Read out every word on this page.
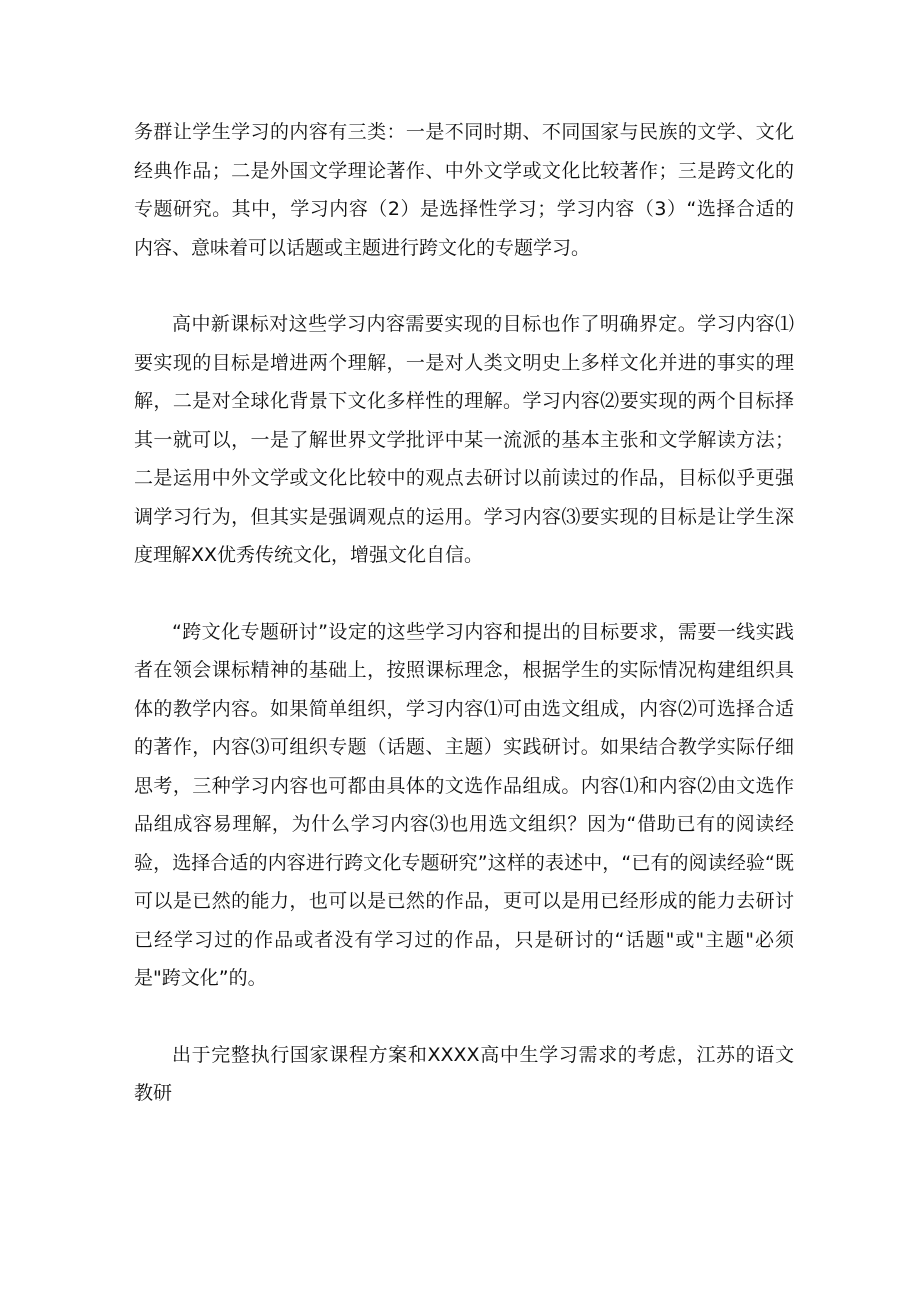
务群让学生学习的内容有三类：一是不同时期、不同国家与民族的文学、文化经典作品；二是外国文学理论著作、中外文学或文化比较著作；三是跨文化的专题研究。其中，学习内容（2）是选择性学习；学习内容（3）“选择合适的内容、意味着可以话题或主题进行跨文化的专题学习。

高中新课标对这些学习内容需要实现的目标也作了明确界定。学习内容⑴要实现的目标是增进两个理解，一是对人类文明史上多样文化并进的事实的理解，二是对全球化背景下文化多样性的理解。学习内容⑵要实现的两个目标择其一就可以，一是了解世界文学批评中某一流派的基本主张和文学解读方法；二是运用中外文学或文化比较中的观点去研讨以前读过的作品，目标似乎更强调学习行为，但其实是强调观点的运用。学习内容⑶要实现的目标是让学生深度理解XX优秀传统文化，增强文化自信。

“跨文化专题研讨”设定的这些学习内容和提出的目标要求，需要一线实践者在领会课标精神的基础上，按照课标理念，根据学生的实际情况构建组织具体的教学内容。如果简单组织，学习内容⑴可由选文组成，内容⑵可选择合适的著作，内容⑶可组织专题（话题、主题）实践研讨。如果结合教学实际仔细思考，三种学习内容也可都由具体的文选作品组成。内容⑴和内容⑵由文选作品组成容易理解，为什么学习内容⑶也用选文组织？因为“借助已有的阅读经验，选择合适的内容进行跨文化专题研究”这样的表述中，“已有的阅读经验“既可以是已然的能力，也可以是已然的作品，更可以是用已经形成的能力去研讨已经学习过的作品或者没有学习过的作品，只是研讨的“话题"或"主题"必须是"跨文化”的。

出于完整执行国家课程方案和XXXX高中生学习需求的考虑，江苏的语文教研
